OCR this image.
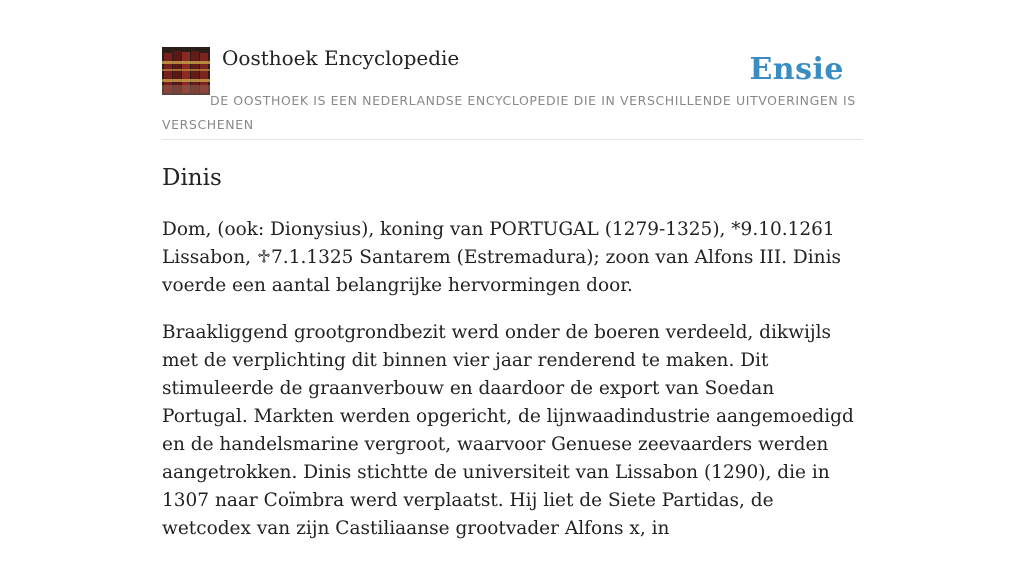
Oosthoek Encyclopedie	Ensie
DE OOSTHOEK IS EEN NEDERLANDSE ENCYCLOPEDIE DIE IN VERSCHILLENDE UITVOERINGEN IS VERSCHENEN
Dinis

Dom, (ook: Dionysius), koning van PORTUGAL (1279-1325), *9.10.1261 Lissabon, ♱7.1.1325 Santarem (Estremadura); zoon van Alfons III. Dinis voerde een aantal belangrijke hervormingen door.

Braakliggend grootgrondbezit werd onder de boeren verdeeld, dikwijls met de verplichting dit binnen vier jaar renderend te maken. Dit stimuleerde de graanverbouw en daardoor de export van Soedan Portugal. Markten werden opgericht, de lijnwaadindustrie aangemoedigd en de handelsmarine vergroot, waarvoor Genuese zeevaarders werden aangetrokken. Dinis stichtte de universiteit van Lissabon (1290), die in 1307 naar Coïmbra werd verplaatst. Hij liet de Siete Partidas, de wetcodex van zijn Castiliaanse grootvader Alfons x, in
